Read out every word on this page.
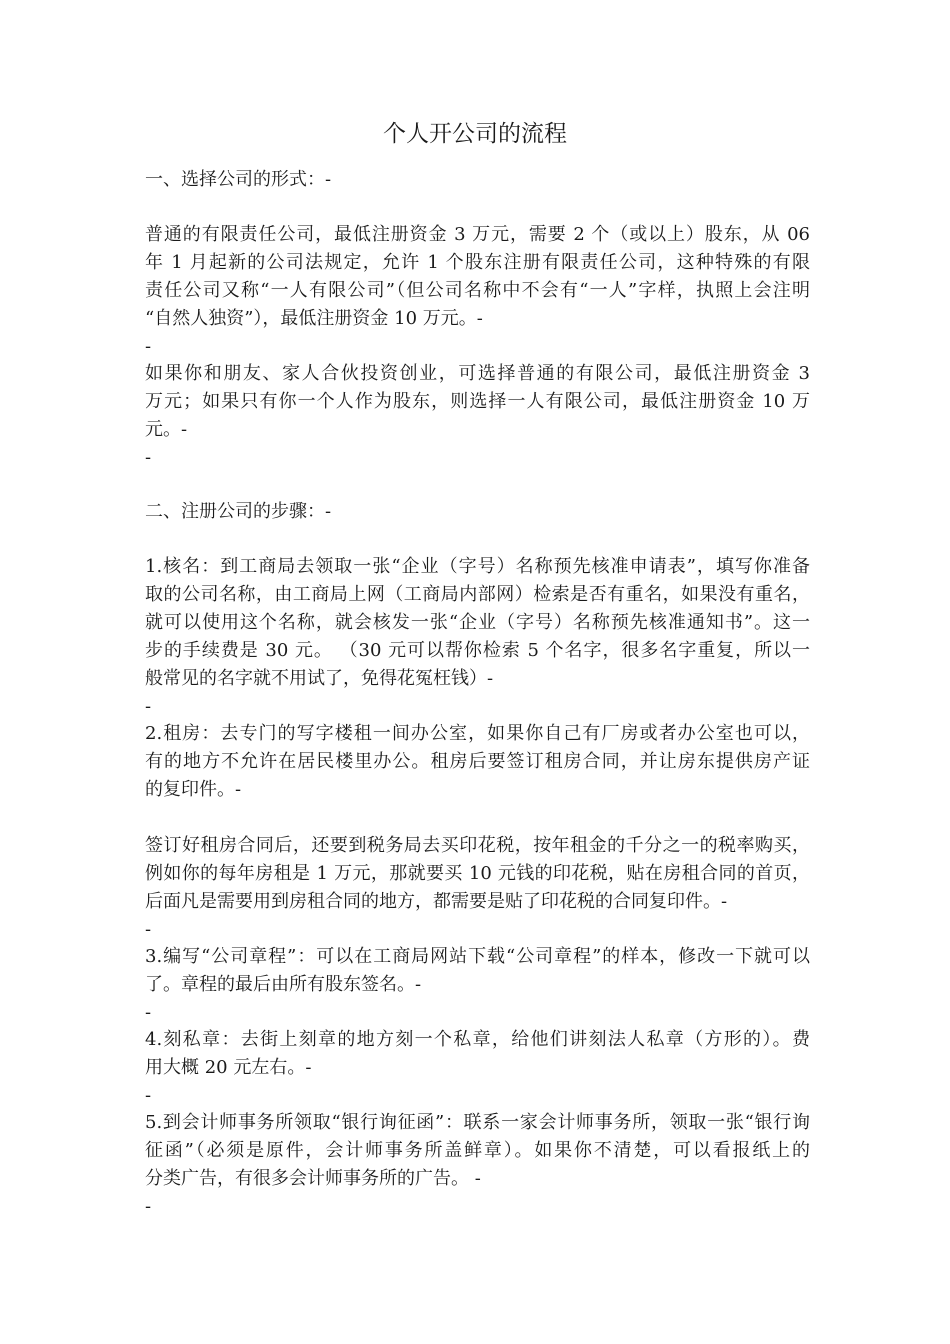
个人开公司的流程
一、选择公司的形式：-
普通的有限责任公司，最低注册资金 3 万元，需要 2 个（或以上）股东，从 06
年 1 月起新的公司法规定，允许 1 个股东注册有限责任公司，这种特殊的有限
责任公司又称“一人有限公司”（但公司名称中不会有“一人”字样，执照上会注明
“自然人独资”），最低注册资金 10 万元。-
-
如果你和朋友、家人合伙投资创业，可选择普通的有限公司，最低注册资金 3
万元；如果只有你一个人作为股东，则选择一人有限公司，最低注册资金 10 万
元。-
-
二、注册公司的步骤：-
1.核名：到工商局去领取一张“企业（字号）名称预先核准申请表”，填写你准备
取的公司名称，由工商局上网（工商局内部网）检索是否有重名，如果没有重名，
就可以使用这个名称，就会核发一张“企业（字号）名称预先核准通知书”。这一
步的手续费是 30 元。 （30 元可以帮你检索 5 个名字，很多名字重复，所以一
般常见的名字就不用试了，免得花冤枉钱）-
-
2.租房：去专门的写字楼租一间办公室，如果你自己有厂房或者办公室也可以，
有的地方不允许在居民楼里办公。租房后要签订租房合同，并让房东提供房产证
的复印件。-
签订好租房合同后，还要到税务局去买印花税，按年租金的千分之一的税率购买，
例如你的每年房租是 1 万元，那就要买 10 元钱的印花税，贴在房租合同的首页，
后面凡是需要用到房租合同的地方，都需要是贴了印花税的合同复印件。-
-
3.编写“公司章程”：可以在工商局网站下载“公司章程”的样本，修改一下就可以
了。章程的最后由所有股东签名。-
-
4.刻私章：去街上刻章的地方刻一个私章，给他们讲刻法人私章（方形的）。费
用大概 20 元左右。-
-
5.到会计师事务所领取“银行询征函”：联系一家会计师事务所，领取一张“银行询
征函”（必须是原件，会计师事务所盖鲜章）。如果你不清楚，可以看报纸上的
分类广告，有很多会计师事务所的广告。 -
-
